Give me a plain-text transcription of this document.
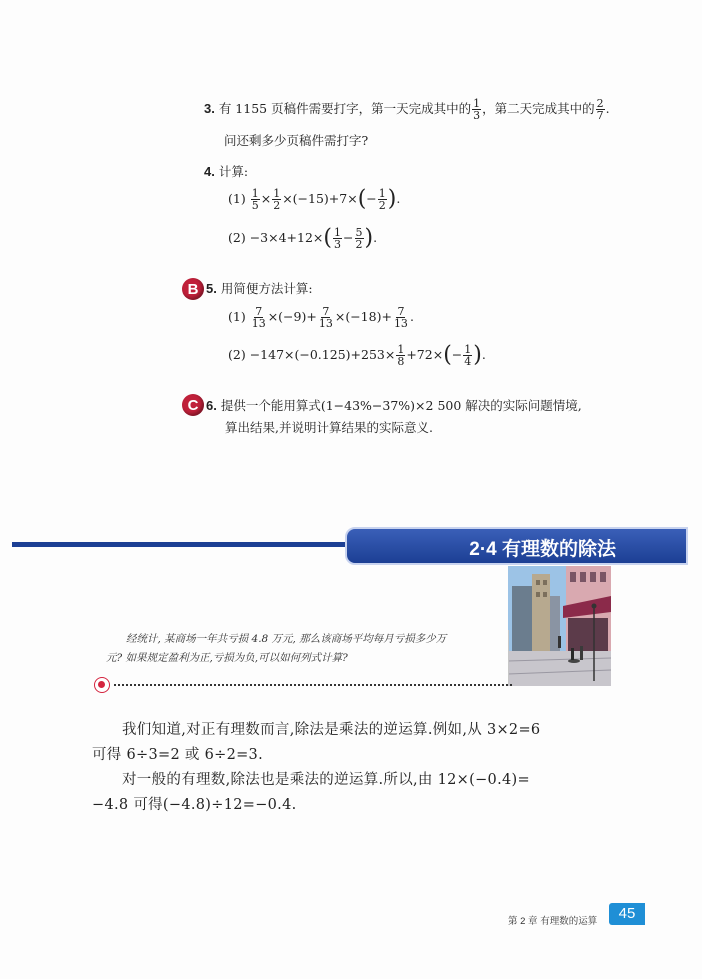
3. 有 1155 页稿件需要打字，第一天完成其中的 $\frac{1}{3}$ ，第二天完成其中的 $\frac{2}{7}$ .
问还剩多少页稿件需打字?
4. 计算:
$(1) \frac{1}{5} \times \frac{1}{2} \times(-15)+7\times(- \frac{1}{2}$ ).
$(2) -3\times 4+12\times( \frac{1}{3} - \frac{5}{2}$ ).
B 5. 用简便方法计算:
$(1) \frac{7}{13} \times(-9)+ \frac{7}{13} \times(-18)+ \frac{7}{13}$ .
$(2) -147\times(-0.125)+253\times \frac{1}{8} +72\times(- \frac{1}{4}$ ).
C 6. 提供一个能用算式(1−43%−37%)×2 500 解决的实际问题情境,
算出结果,并说明计算结果的实际意义.
2·4 有理数的除法
经统计, 某商场一年共亏损 4.8 万元, 那么该商场平均每月亏损多少万
元? 如果规定盈利为正,亏损为负,可以如何列式计算?
我们知道,对正有理数而言,除法是乘法的逆运算.例如,从 3×2=6
可得 6÷3=2 或 6÷2=3.
对一般的有理数,除法也是乘法的逆运算.所以,由 12×(−0.4)=
−4.8 可得(−4.8)÷12=−0.4.
第 2 章 有理数的运算	45
